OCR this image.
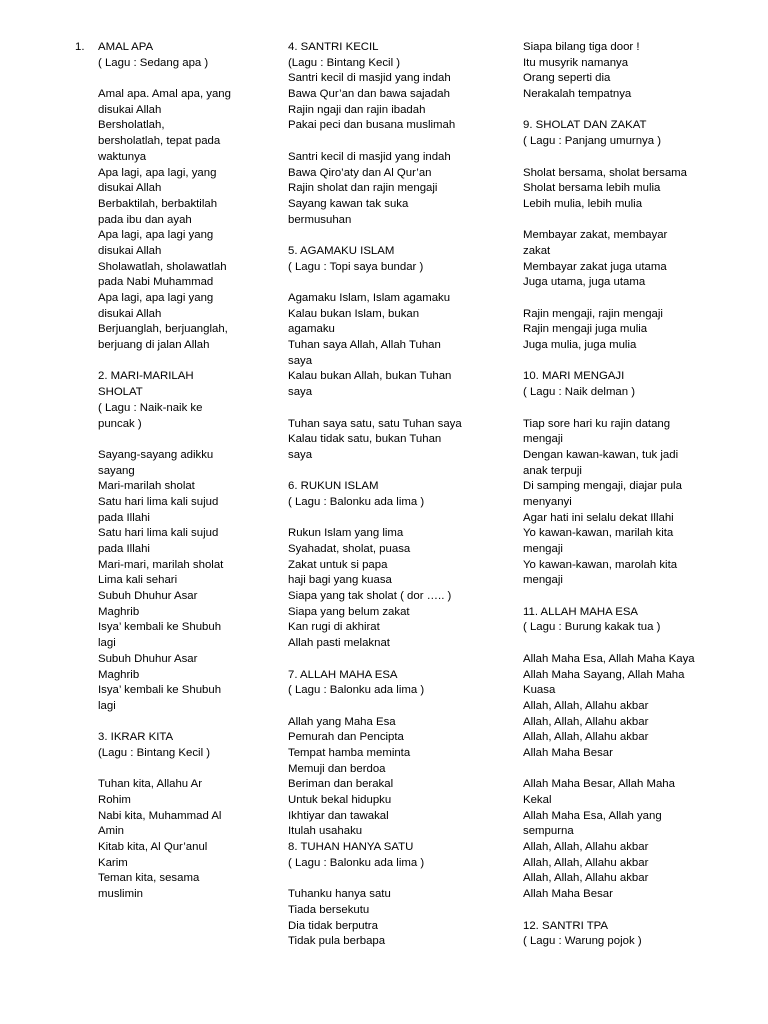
1.	AMAL APA
( Lagu : Sedang apa )
Amal apa. Amal apa, yang
disukai Allah
Bersholatlah,
bersholatlah, tepat pada
waktunya
Apa lagi, apa lagi, yang
disukai Allah
Berbaktilah, berbaktilah
pada ibu dan ayah
Apa lagi, apa lagi yang
disukai Allah
Sholawatlah, sholawatlah
pada Nabi Muhammad
Apa lagi, apa lagi yang
disukai Allah
Berjuanglah, berjuanglah,
berjuang di jalan Allah
2. MARI-MARILAH
SHOLAT
( Lagu : Naik-naik ke
puncak )
Sayang-sayang adikku
sayang
Mari-marilah sholat
Satu hari lima kali sujud
pada Illahi
Satu hari lima kali sujud
pada Illahi
Mari-mari, marilah sholat
Lima kali sehari
Subuh Dhuhur Asar
Maghrib
Isya’ kembali ke Shubuh
lagi
Subuh Dhuhur Asar
Maghrib
Isya’ kembali ke Shubuh
lagi
3. IKRAR KITA
(Lagu : Bintang Kecil )
Tuhan kita, Allahu Ar
Rohim
Nabi kita, Muhammad Al
Amin
Kitab kita, Al Qur’anul
Karim
Teman kita, sesama
muslimin
4. SANTRI KECIL
(Lagu : Bintang Kecil )
Santri kecil di masjid yang indah
Bawa Qur’an dan bawa sajadah
Rajin ngaji dan rajin ibadah
Pakai peci dan busana muslimah
Santri kecil di masjid yang indah
Bawa Qiro’aty dan Al Qur’an
Rajin sholat dan rajin mengaji
Sayang kawan tak suka
bermusuhan
5. AGAMAKU ISLAM
( Lagu : Topi saya bundar )
Agamaku Islam, Islam agamaku
Kalau bukan Islam, bukan
agamaku
Tuhan saya Allah, Allah Tuhan
saya
Kalau bukan Allah, bukan Tuhan
saya
Tuhan saya satu, satu Tuhan saya
Kalau tidak satu, bukan Tuhan
saya
6. RUKUN ISLAM
( Lagu : Balonku ada lima )
Rukun Islam yang lima
Syahadat, sholat, puasa
Zakat untuk si papa
haji bagi yang kuasa
Siapa yang tak sholat ( dor ….. )
Siapa yang belum zakat
Kan rugi di akhirat
Allah pasti melaknat
7. ALLAH MAHA ESA
( Lagu : Balonku ada lima )
Allah yang Maha Esa
Pemurah dan Pencipta
Tempat hamba meminta
Memuji dan berdoa
Beriman dan berakal
Untuk bekal hidupku
Ikhtiyar dan tawakal
Itulah usahaku
8. TUHAN HANYA SATU
( Lagu : Balonku ada lima )
Tuhanku hanya satu
Tiada bersekutu
Dia tidak berputra
Tidak pula berbapa
Siapa bilang tiga door !
Itu musyrik namanya
Orang seperti dia
Nerakalah tempatnya
9. SHOLAT DAN ZAKAT
( Lagu : Panjang umurnya )
Sholat bersama, sholat bersama
Sholat bersama lebih mulia
Lebih mulia, lebih mulia
Membayar zakat, membayar
zakat
Membayar zakat juga utama
Juga utama, juga utama
Rajin mengaji, rajin mengaji
Rajin mengaji juga mulia
Juga mulia, juga mulia
10. MARI MENGAJI
( Lagu : Naik delman )
Tiap sore hari ku rajin datang
mengaji
Dengan kawan-kawan, tuk jadi
anak terpuji
Di samping mengaji, diajar pula
menyanyi
Agar hati ini selalu dekat Illahi
Yo kawan-kawan, marilah kita
mengaji
Yo kawan-kawan, marolah kita
mengaji
11. ALLAH MAHA ESA
( Lagu : Burung kakak tua )
Allah Maha Esa, Allah Maha Kaya
Allah Maha Sayang, Allah Maha
Kuasa
Allah, Allah, Allahu akbar
Allah, Allah, Allahu akbar
Allah, Allah, Allahu akbar
Allah Maha Besar
Allah Maha Besar, Allah Maha
Kekal
Allah Maha Esa, Allah yang
sempurna
Allah, Allah, Allahu akbar
Allah, Allah, Allahu akbar
Allah, Allah, Allahu akbar
Allah Maha Besar
12. SANTRI TPA
( Lagu : Warung pojok )
